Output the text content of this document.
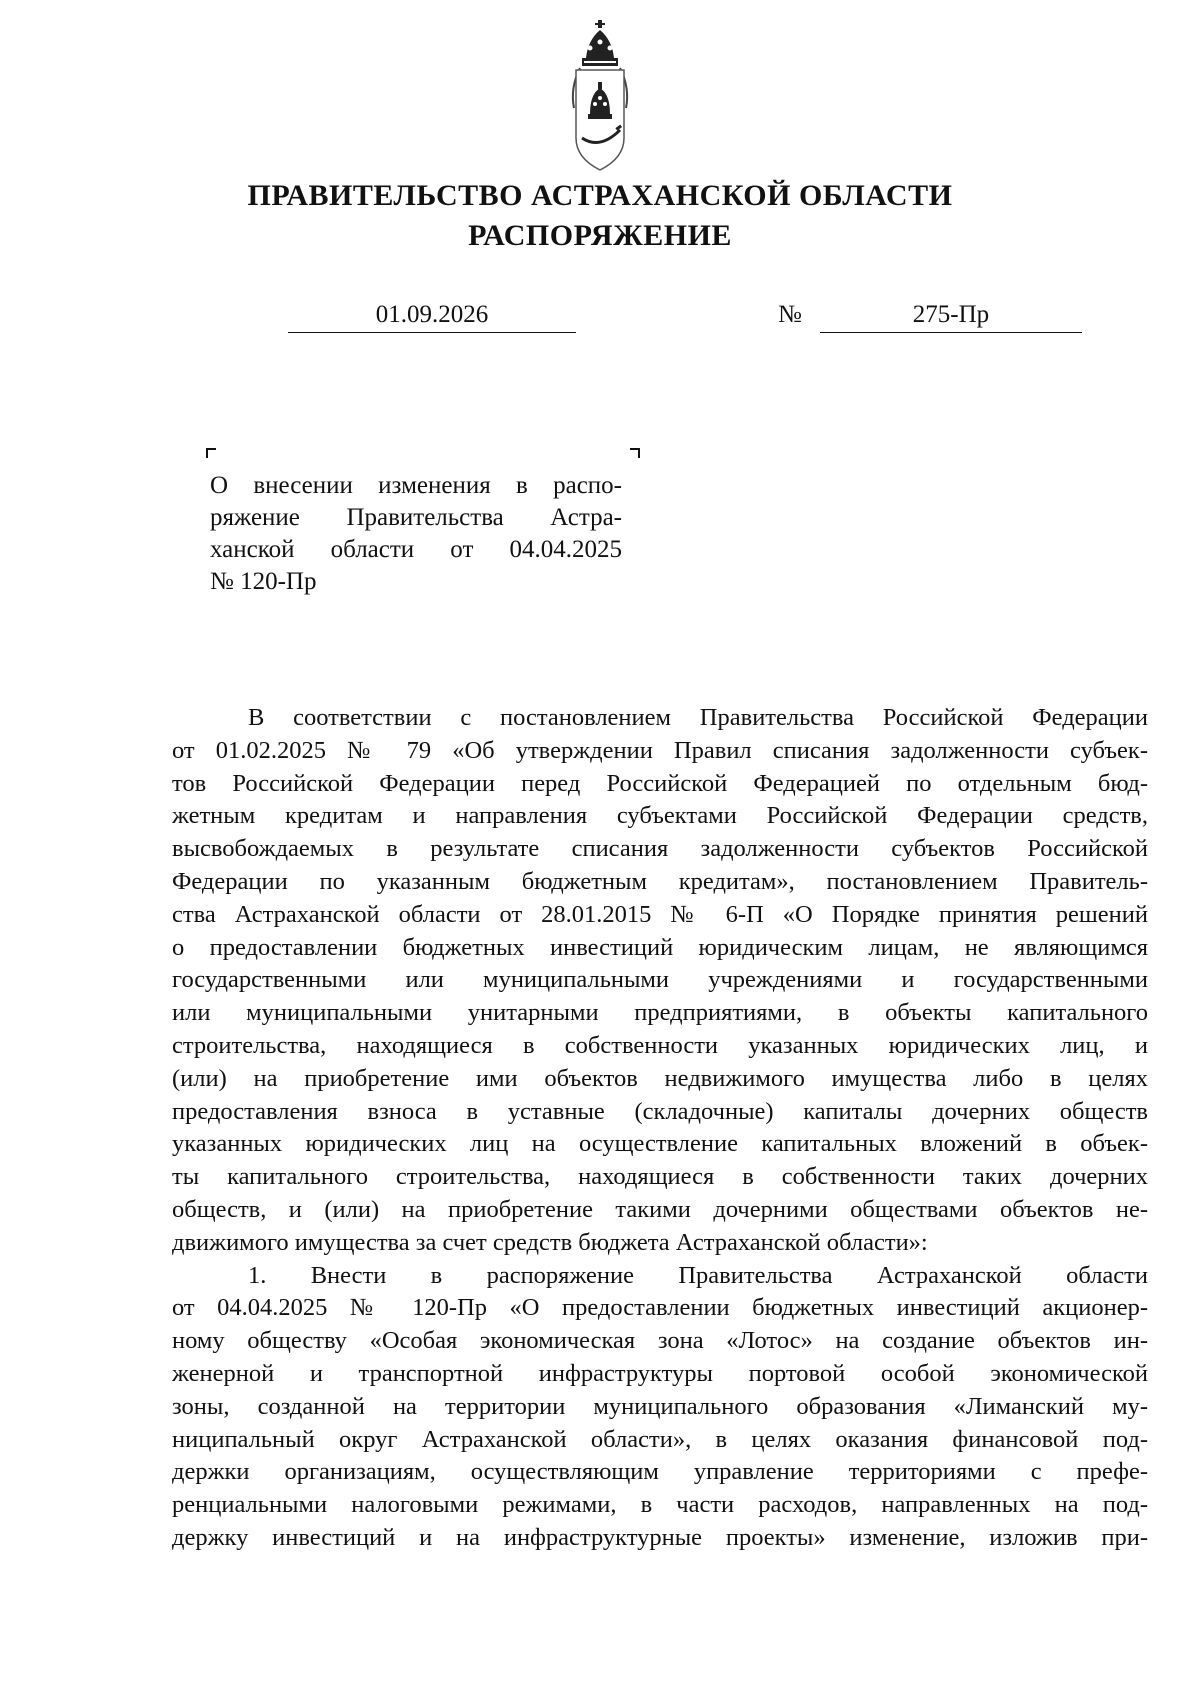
ПРАВИТЕЛЬСТВО АСТРАХАНСКОЙ ОБЛАСТИ
РАСПОРЯЖЕНИЕ
01.09.2026	№	275-Пр
О внесении изменения в распо-
ряжение Правительства Астра-
ханской области от 04.04.2025
№ 120-Пр
В соответствии с постановлением Правительства Российской Федерации
от 01.02.2025 № 79 «Об утверждении Правил списания задолженности субъек-
тов Российской Федерации перед Российской Федерацией по отдельным бюд-
жетным кредитам и направления субъектами Российской Федерации средств,
высвобождаемых в результате списания задолженности субъектов Российской
Федерации по указанным бюджетным кредитам», постановлением Правитель-
ства Астраханской области от 28.01.2015 № 6-П «О Порядке принятия решений
о предоставлении бюджетных инвестиций юридическим лицам, не являющимся
государственными или муниципальными учреждениями и государственными
или муниципальными унитарными предприятиями, в объекты капитального
строительства, находящиеся в собственности указанных юридических лиц, и
(или) на приобретение ими объектов недвижимого имущества либо в целях
предоставления взноса в уставные (складочные) капиталы дочерних обществ
указанных юридических лиц на осуществление капитальных вложений в объек-
ты капитального строительства, находящиеся в собственности таких дочерних
обществ, и (или) на приобретение такими дочерними обществами объектов не-
движимого имущества за счет средств бюджета Астраханской области»:
1. Внести в распоряжение Правительства Астраханской области
от 04.04.2025 № 120-Пр «О предоставлении бюджетных инвестиций акционер-
ному обществу «Особая экономическая зона «Лотос» на создание объектов ин-
женерной и транспортной инфраструктуры портовой особой экономической
зоны, созданной на территории муниципального образования «Лиманский му-
ниципальный округ Астраханской области», в целях оказания финансовой под-
держки организациям, осуществляющим управление территориями с префе-
ренциальными налоговыми режимами, в части расходов, направленных на под-
держку инвестиций и на инфраструктурные проекты» изменение, изложив при-
